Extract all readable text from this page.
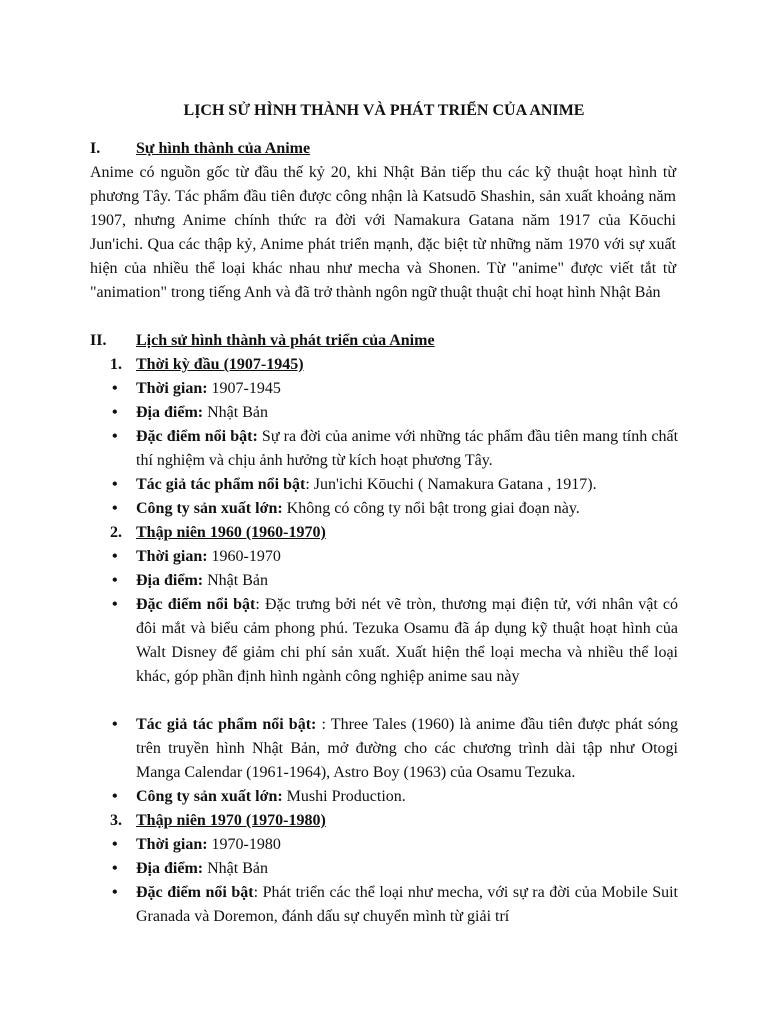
LỊCH SỬ HÌNH THÀNH VÀ PHÁT TRIỂN CỦA ANIME
I. Sự hình thành của Anime
Anime có nguồn gốc từ đầu thế kỷ 20, khi Nhật Bản tiếp thu các kỹ thuật hoạt hình từ phương Tây. Tác phẩm đầu tiên được công nhận là Katsudō Shashin, sản xuất khoảng năm 1907, nhưng Anime chính thức ra đời với Namakura Gatana năm 1917 của Kōuchi Jun'ichi. Qua các thập kỷ, Anime phát triển mạnh, đặc biệt từ những năm 1970 với sự xuất hiện của nhiều thể loại khác nhau như mecha và Shonen. Từ "anime" được viết tắt từ "animation" trong tiếng Anh và đã trở thành ngôn ngữ thuật thuật chỉ hoạt hình Nhật Bản
II. Lịch sử hình thành và phát triển của Anime
1. Thời kỳ đầu (1907-1945)
• Thời gian: 1907-1945
• Địa điểm: Nhật Bản
• Đặc điểm nổi bật: Sự ra đời của anime với những tác phẩm đầu tiên mang tính chất thí nghiệm và chịu ảnh hưởng từ kích hoạt phương Tây.
• Tác giả tác phẩm nổi bật: Jun'ichi Kōuchi ( Namakura Gatana , 1917).
• Công ty sản xuất lớn: Không có công ty nổi bật trong giai đoạn này.
2. Thập niên 1960 (1960-1970)
• Thời gian: 1960-1970
• Địa điểm: Nhật Bản
• Đặc điểm nổi bật: Đặc trưng bởi nét vẽ tròn, thương mại điện tử, với nhân vật có đôi mắt và biểu cảm phong phú. Tezuka Osamu đã áp dụng kỹ thuật hoạt hình của Walt Disney để giảm chi phí sản xuất. Xuất hiện thể loại mecha và nhiều thể loại khác, góp phần định hình ngành công nghiệp anime sau này
• Tác giả tác phẩm nổi bật: : Three Tales (1960) là anime đầu tiên được phát sóng trên truyền hình Nhật Bản, mở đường cho các chương trình dài tập như Otogi Manga Calendar (1961-1964), Astro Boy (1963) của Osamu Tezuka.
• Công ty sản xuất lớn: Mushi Production.
3. Thập niên 1970 (1970-1980)
• Thời gian: 1970-1980
• Địa điểm: Nhật Bản
• Đặc điểm nổi bật: Phát triển các thể loại như mecha, với sự ra đời của Mobile Suit Granada và Doremon, đánh dấu sự chuyển mình từ giải trí
